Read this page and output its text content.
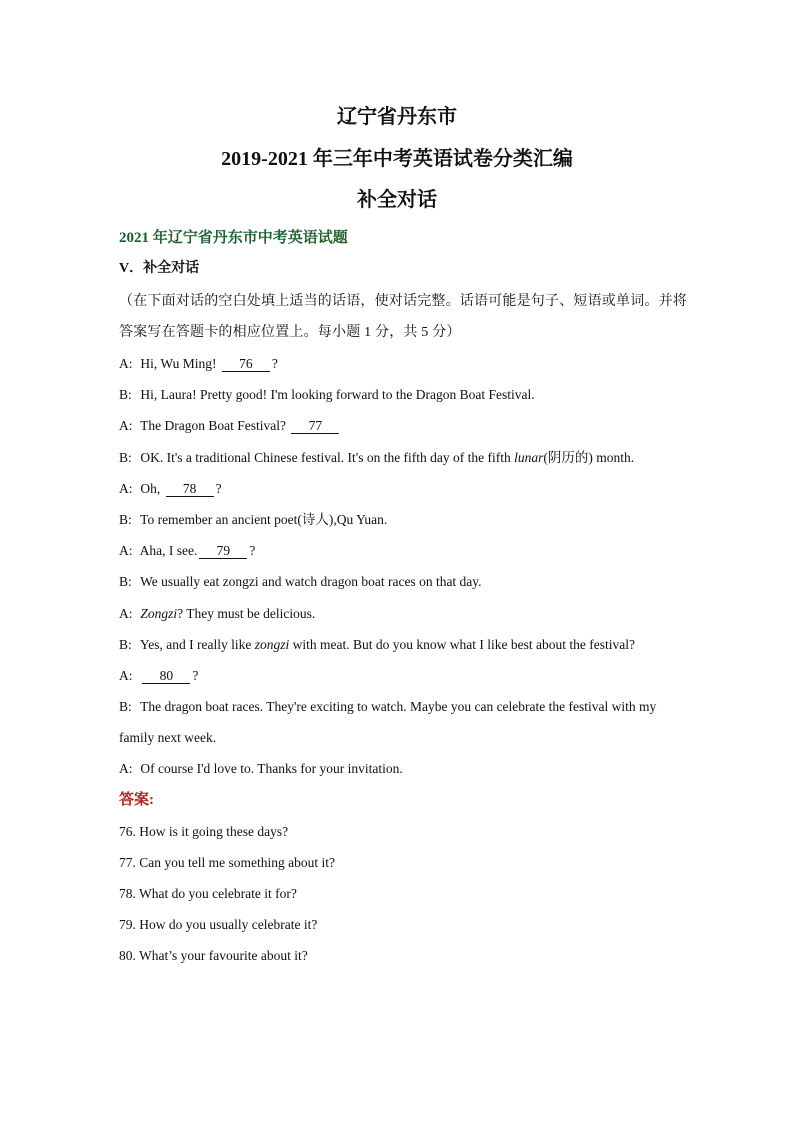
辽宁省丹东市
2019-2021 年三年中考英语试卷分类汇编
补全对话
2021 年辽宁省丹东市中考英语试题
V．补全对话
（在下面对话的空白处填上适当的话语，使对话完整。话语可能是句子、短语或单词。并将答案写在答题卡的相应位置上。每小题 1 分，共 5 分）
A: Hi, Wu Ming! 76 ?
B: Hi, Laura! Pretty good! I'm looking forward to the Dragon Boat Festival.
A: The Dragon Boat Festival? 77
B: OK. It's a traditional Chinese festival. It's on the fifth day of the fifth lunar(阴历的) month.
A: Oh, 78 ?
B: To remember an ancient poet(诗人),Qu Yuan.
A: Aha, I see. 79 ?
B: We usually eat zongzi and watch dragon boat races on that day.
A: Zongzi? They must be delicious.
B: Yes, and I really like zongzi with meat. But do you know what I like best about the festival?
A: 80 ?
B: The dragon boat races. They're exciting to watch. Maybe you can celebrate the festival with my family next week.
A: Of course I'd love to. Thanks for your invitation.
答案:
76. How is it going these days?
77. Can you tell me something about it?
78. What do you celebrate it for?
79. How do you usually celebrate it?
80. What’s your favourite about it?
